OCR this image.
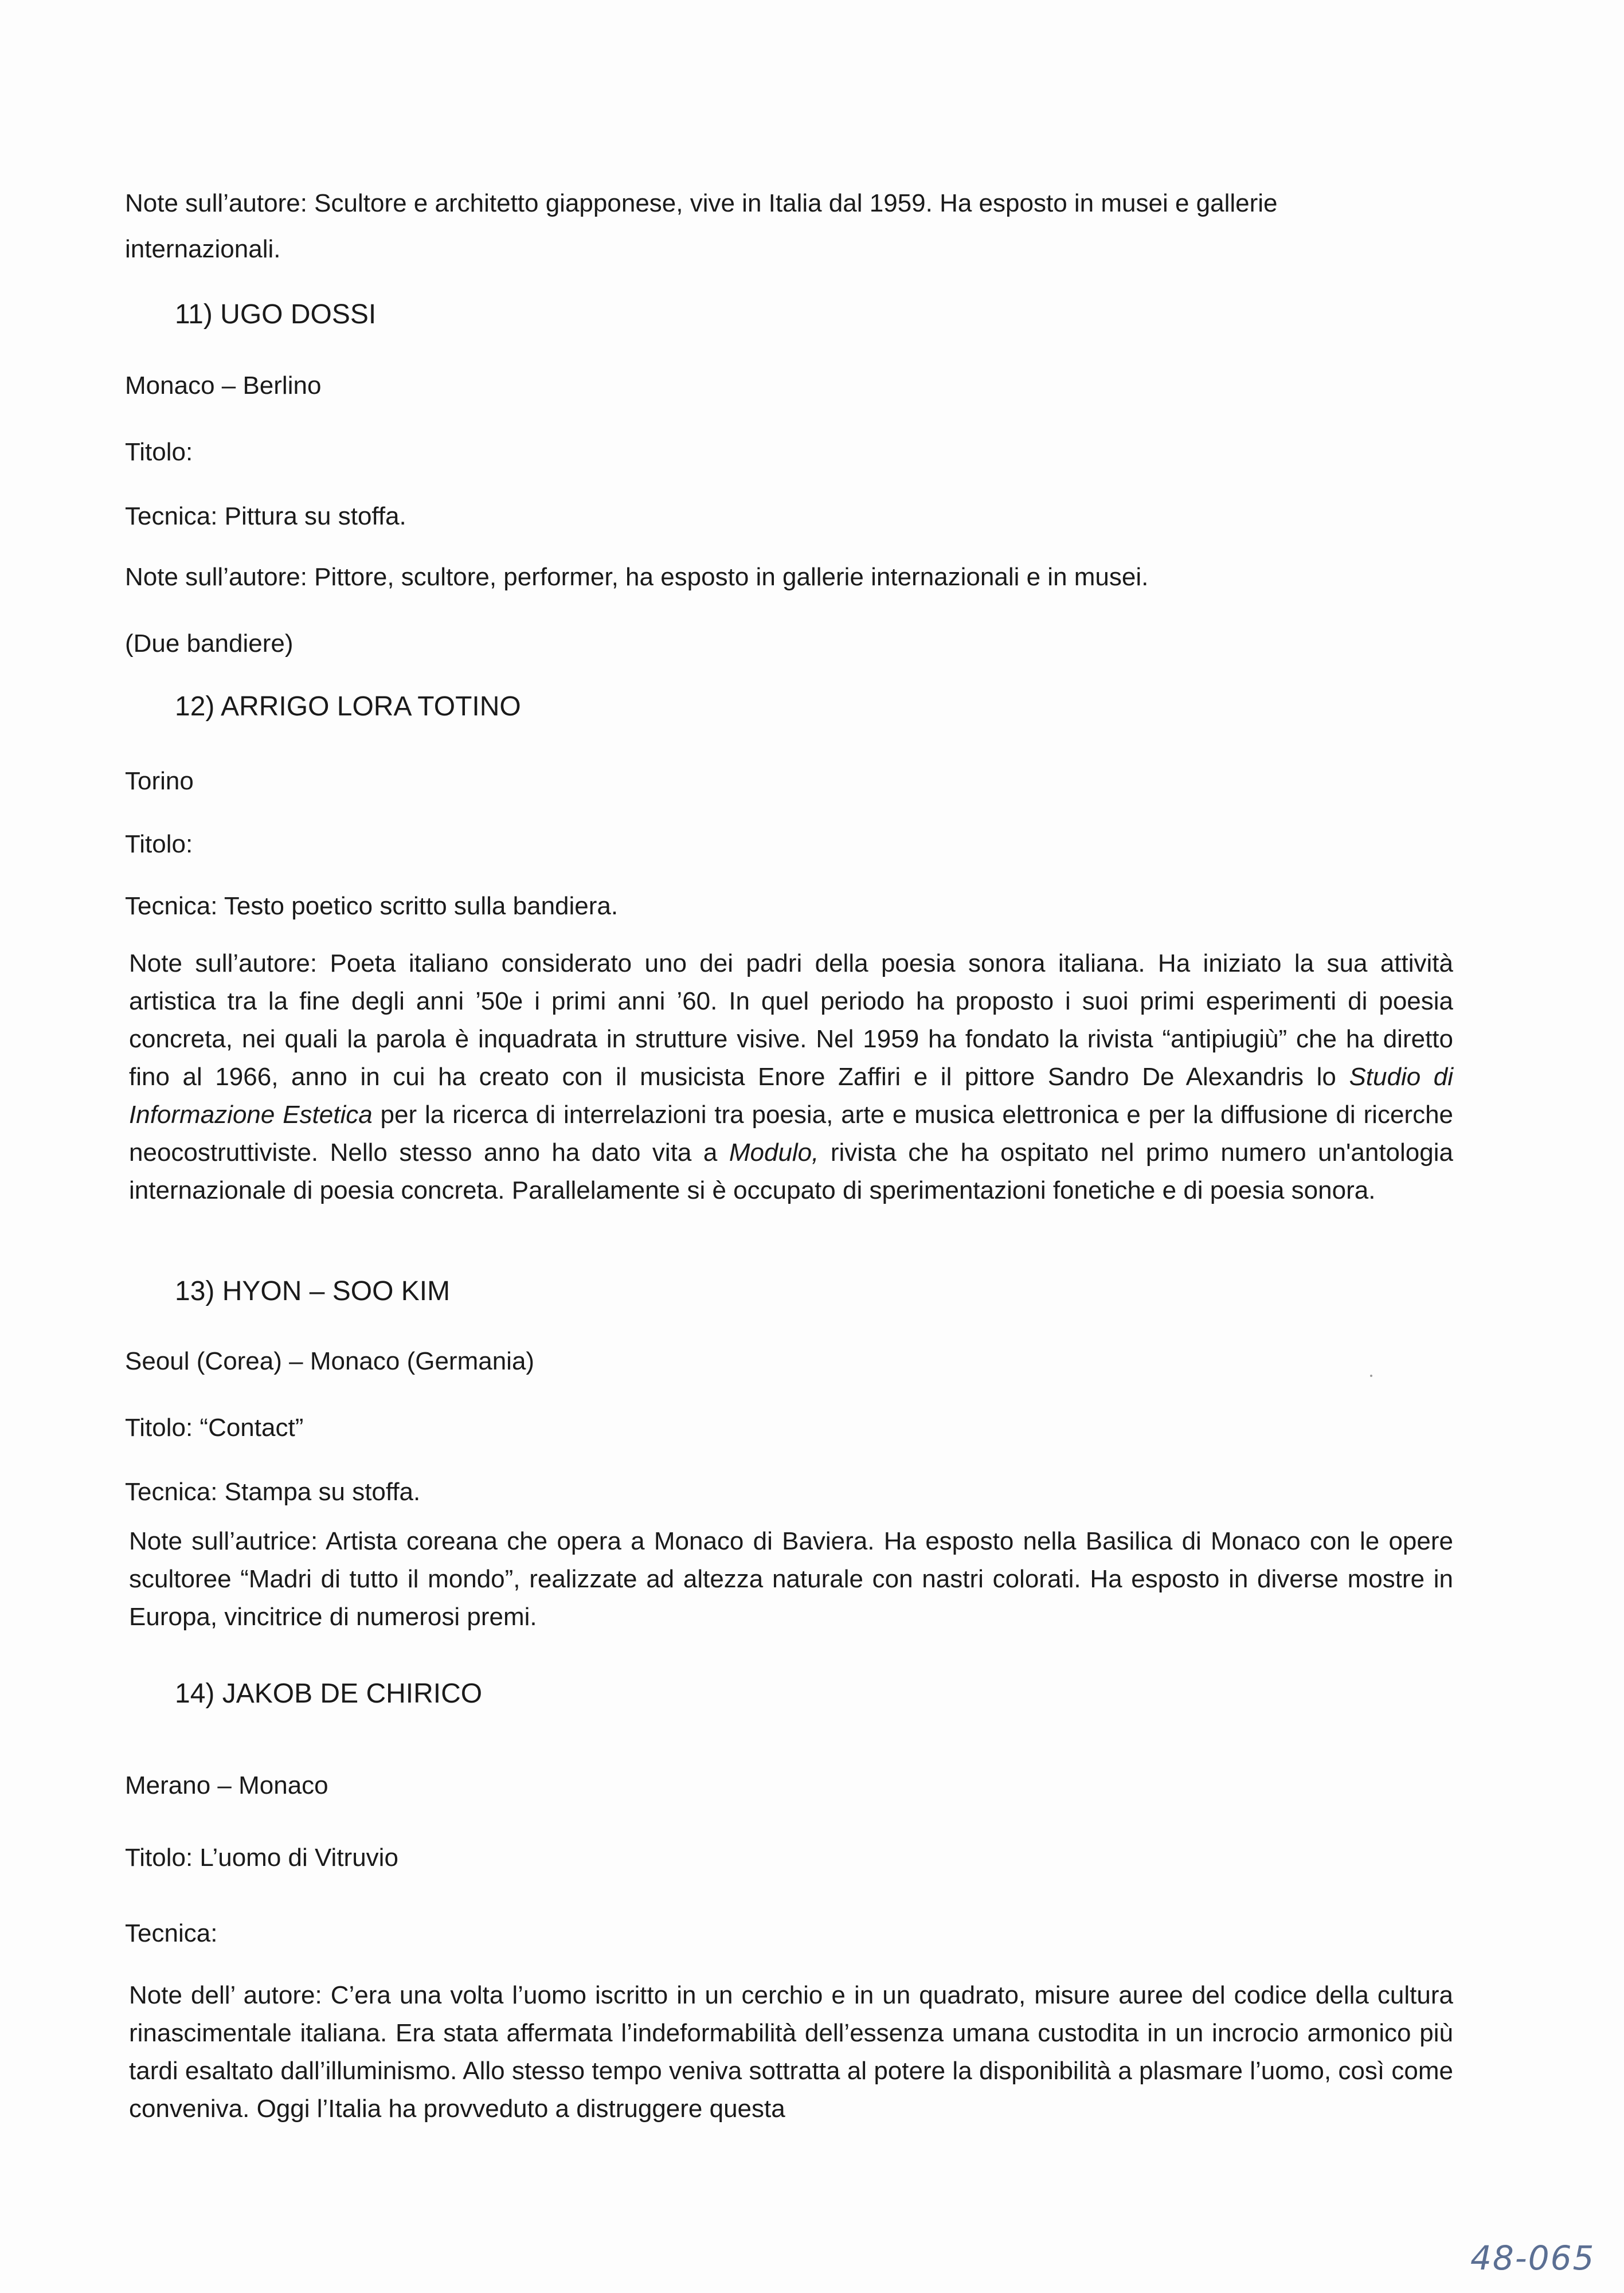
Note sull’autore: Scultore e architetto giapponese, vive in Italia dal 1959. Ha esposto in musei e gallerie
internazionali.
11) UGO DOSSI
Monaco – Berlino
Titolo:
Tecnica: Pittura su stoffa.
Note sull’autore: Pittore, scultore, performer, ha esposto in gallerie internazionali e in musei.
(Due bandiere)
12) ARRIGO LORA TOTINO
Torino
Titolo:
Tecnica: Testo poetico scritto sulla bandiera.
Note sull’autore: Poeta italiano considerato uno dei padri della poesia sonora italiana. Ha iniziato la sua attività artistica tra la fine degli anni ’50e i primi anni ’60. In quel periodo ha proposto i suoi primi esperimenti di poesia concreta, nei quali la parola è inquadrata in strutture visive. Nel 1959 ha fondato la rivista “antipiugiù” che ha diretto fino al 1966, anno in cui ha creato con il musicista Enore Zaffiri e il pittore Sandro De Alexandris lo Studio di Informazione Estetica per la ricerca di interrelazioni tra poesia, arte e musica elettronica e per la diffusione di ricerche neocostruttiviste. Nello stesso anno ha dato vita a Modulo, rivista che ha ospitato nel primo numero un'antologia internazionale di poesia concreta. Parallelamente si è occupato di sperimentazioni fonetiche e di poesia sonora.
13) HYON – SOO KIM
Seoul (Corea) – Monaco (Germania)
Titolo: “Contact”
Tecnica: Stampa su stoffa.
Note sull’autrice: Artista coreana che opera a Monaco di Baviera. Ha esposto nella Basilica di Monaco con le opere scultoree “Madri di tutto il mondo”, realizzate ad altezza naturale con nastri colorati. Ha esposto in diverse mostre in Europa, vincitrice di numerosi premi.
14) JAKOB DE CHIRICO
Merano – Monaco
Titolo: L’uomo di Vitruvio
Tecnica:
Note dell’ autore: C’era una volta l’uomo iscritto in un cerchio e in un quadrato, misure auree del codice della cultura rinascimentale italiana. Era stata affermata l’indeformabilità dell’essenza umana custodita in un incrocio armonico più tardi esaltato dall’illuminismo. Allo stesso tempo veniva sottratta al potere la disponibilità a plasmare l’uomo, così come conveniva. Oggi l’Italia ha provveduto a distruggere questa
48-065
